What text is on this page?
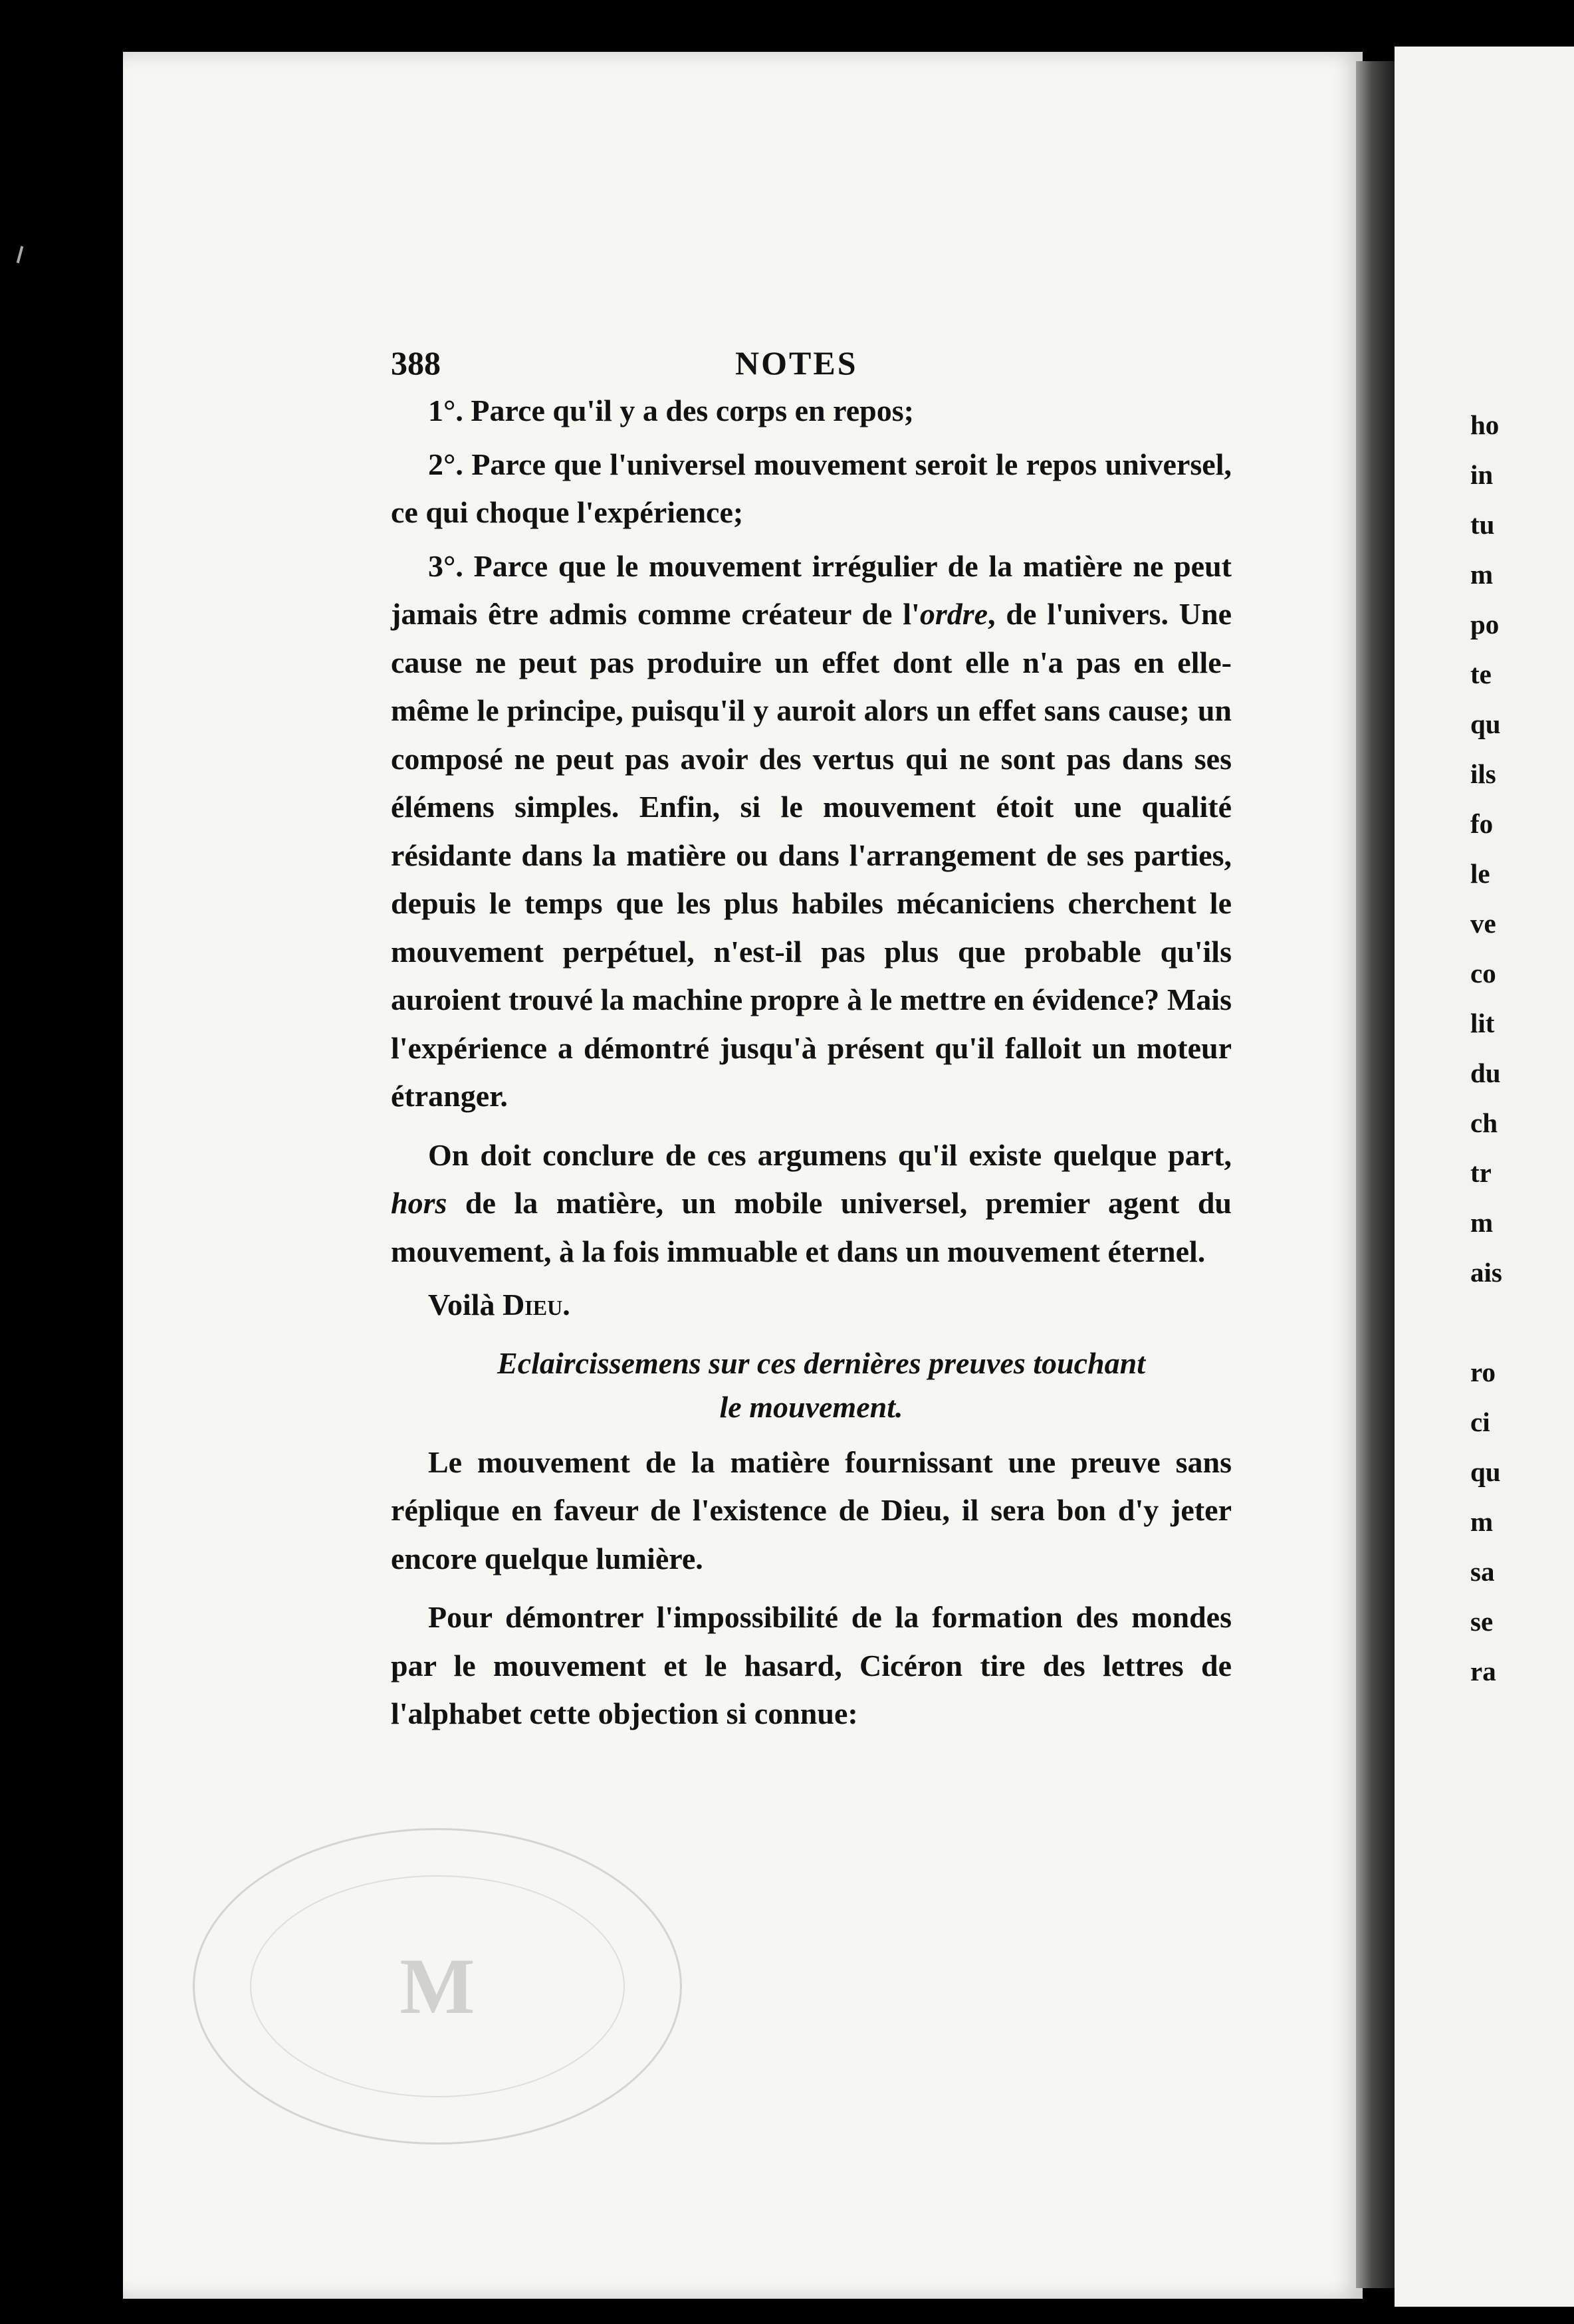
ho
in
tu
m
po
te
qu
ils
fo
le
ve
co
lit
du
ch
tr
m
ais
ro
ci
qu
m
sa
se
ra
388	NOTES

1°. Parce qu'il y a des corps en repos;

2°. Parce que l'universel mouvement seroit le repos universel, ce qui choque l'expérience;

3°. Parce que le mouvement irrégulier de la matière ne peut jamais être admis comme créateur de l'ordre, de l'univers. Une cause ne peut pas produire un effet dont elle n'a pas en elle-même le principe, puisqu'il y auroit alors un effet sans cause; un composé ne peut pas avoir des vertus qui ne sont pas dans ses élémens simples. Enfin, si le mouvement étoit une qualité résidante dans la matière ou dans l'arrangement de ses parties, depuis le temps que les plus habiles mécaniciens cherchent le mouvement perpétuel, n'est-il pas plus que probable qu'ils auroient trouvé la machine propre à le mettre en évidence? Mais l'expérience a démontré jusqu'à présent qu'il falloit un moteur étranger.

On doit conclure de ces argumens qu'il existe quelque part, hors de la matière, un mobile universel, premier agent du mouvement, à la fois immuable et dans un mouvement éternel.

Voilà Dieu.

Eclaircissemens sur ces dernières preuves touchant
le mouvement.

Le mouvement de la matière fournissant une preuve sans réplique en faveur de l'existence de Dieu, il sera bon d'y jeter encore quelque lumière.

Pour démontrer l'impossibilité de la formation des mondes par le mouvement et le hasard, Cicéron tire des lettres de l'alphabet cette objection si connue:

M
